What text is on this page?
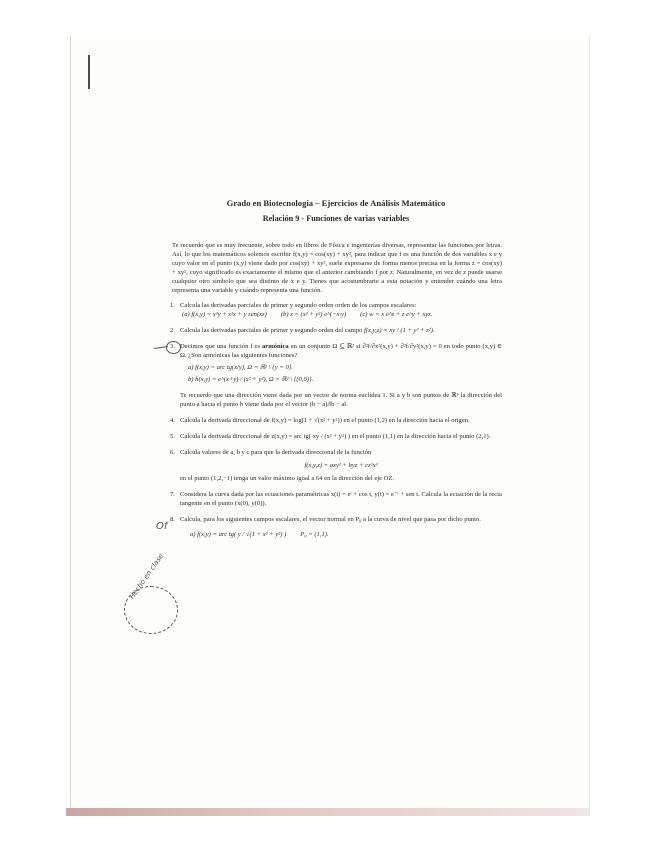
Grado en Biotecnología – Ejercicios de Análisis Matemático
Relación 9 - Funciones de varias variables
Te recuerdo que es muy frecuente, sobre todo en libros de Física e ingenierías diversas, representar las funciones por letras. Así, lo que los matemáticos solemos escribir f(x,y) = cos(xy) + xy², para indicar que f es una función de dos variables x e y cuyo valor en el punto (x,y) viene dado por cos(xy) + xy², suele expresarse de forma menos precisa en la forma z = cos(xy) + xy², cuyo significado es exactamente el mismo que el anterior cambiando f por z. Naturalmente, en vez de z puede usarse cualquier otro símbolo que sea distinto de x e y. Tienes que acostumbrarte a esta notación y entender cuándo una letra representa una variable y cuándo representa una función.
1. Calcula las derivadas parciales de primer y segundo orden orden de los campos escalares:
(a) f(x,y) = x³y + z²x + y sen(xz) (b) z = (x² + y²) e^(−x·y) (c) w = x e^z + z e^y + xyz.
2. Calcula las derivadas parciales de primer y segundo orden del campo f(x,y,z) = xy / (1 + y² + z²).
3. Decimos que una función f es armónica en un conjunto Ω ⊆ ℝ² si ∂²f/∂x²(x,y) + ∂²f/∂y²(x,y) = 0 en todo punto (x,y) ∈ Ω. ¿Son armónicas las siguientes funciones?
a) f(x,y) = arc tg(x/y), Ω = ℝ² \ {y = 0}.
b) h(x,y) = e^(x+y) / (x² + y²), Ω = ℝ² \ {(0,0)}.
Te recuerdo que una dirección viene dada por un vector de norma euclídea 1. Si a y b son puntos de ℝⁿ la dirección del punto a hacia el punto b viene dada por el vector (b − a)/‖b − a‖.
4. Calcula la derivada direccional de f(x,y) = log(1 + √(x² + y²)) en el punto (1,2) en la dirección hacia el origen.
5. Calcula la derivada direccional de z(x,y) = arc tg( xy / (x² + y²) ) en el punto (1,1) en la dirección hacia el punto (2,1).
6. Calcula valores de a, b y c para que la derivada direccional de la función
f(x,y,z) = axy² + byz + cz²x³
en el punto (1,2,−1) tenga un valor máximo igual a 64 en la dirección del eje OZ.
7. Considera la curva dada por las ecuaciones paramétricas x(t) = eᵗ + cos t, y(t) = e⁻ᵗ + sen t. Calcula la ecuación de la recta tangente en el punto (x(0), y(0)).
8. Calcula, para los siguientes campos escalares, el vector normal en P₀ a la curva de nivel que pasa por dicho punto.
a) f(x,y) = arc tg( y / √(1 + x² + y²) ) P₀ = (1,1).
Of
Hecho en clase
